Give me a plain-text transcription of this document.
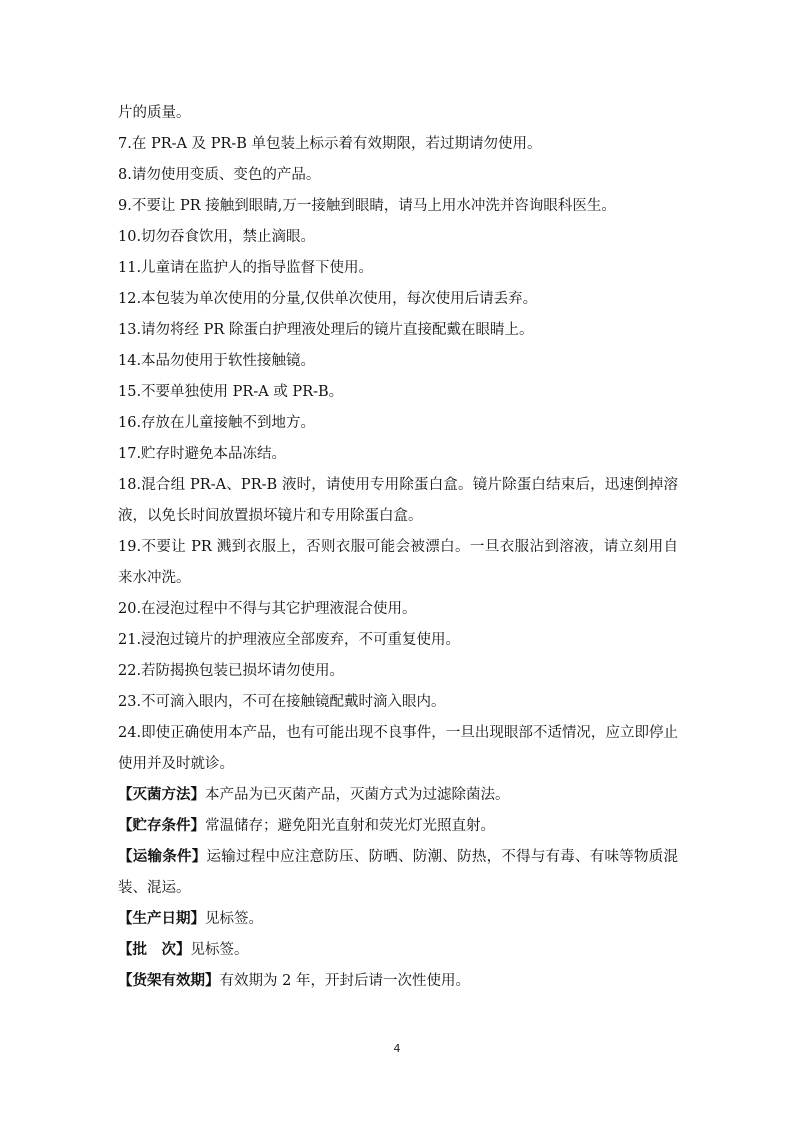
片的质量。

7.在 PR-A 及 PR-B 单包装上标示着有效期限，若过期请勿使用。

8.请勿使用变质、变色的产品。

9.不要让 PR 接触到眼睛,万一接触到眼睛，请马上用水冲洗并咨询眼科医生。

10.切勿吞食饮用，禁止滴眼。

11.儿童请在监护人的指导监督下使用。

12.本包装为单次使用的分量,仅供单次使用，每次使用后请丢弃。

13.请勿将经 PR 除蛋白护理液处理后的镜片直接配戴在眼睛上。

14.本品勿使用于软性接触镜。

15.不要单独使用 PR-A 或 PR-B。

16.存放在儿童接触不到地方。

17.贮存时避免本品冻结。

18.混合组 PR-A、PR-B 液时，请使用专用除蛋白盒。镜片除蛋白结束后，迅速倒掉溶液，以免长时间放置损坏镜片和专用除蛋白盒。

19.不要让 PR 溅到衣服上，否则衣服可能会被漂白。一旦衣服沾到溶液，请立刻用自来水冲洗。

20.在浸泡过程中不得与其它护理液混合使用。

21.浸泡过镜片的护理液应全部废弃，不可重复使用。

22.若防揭换包装已损坏请勿使用。

23.不可滴入眼内，不可在接触镜配戴时滴入眼内。

24.即使正确使用本产品，也有可能出现不良事件，一旦出现眼部不适情况，应立即停止使用并及时就诊。

【灭菌方法】本产品为已灭菌产品，灭菌方式为过滤除菌法。

【贮存条件】常温储存；避免阳光直射和荧光灯光照直射。

【运输条件】运输过程中应注意防压、防晒、防潮、防热，不得与有毒、有味等物质混装、混运。

【生产日期】见标签。

【批　次】见标签。

【货架有效期】有效期为 2 年，开封后请一次性使用。

4
